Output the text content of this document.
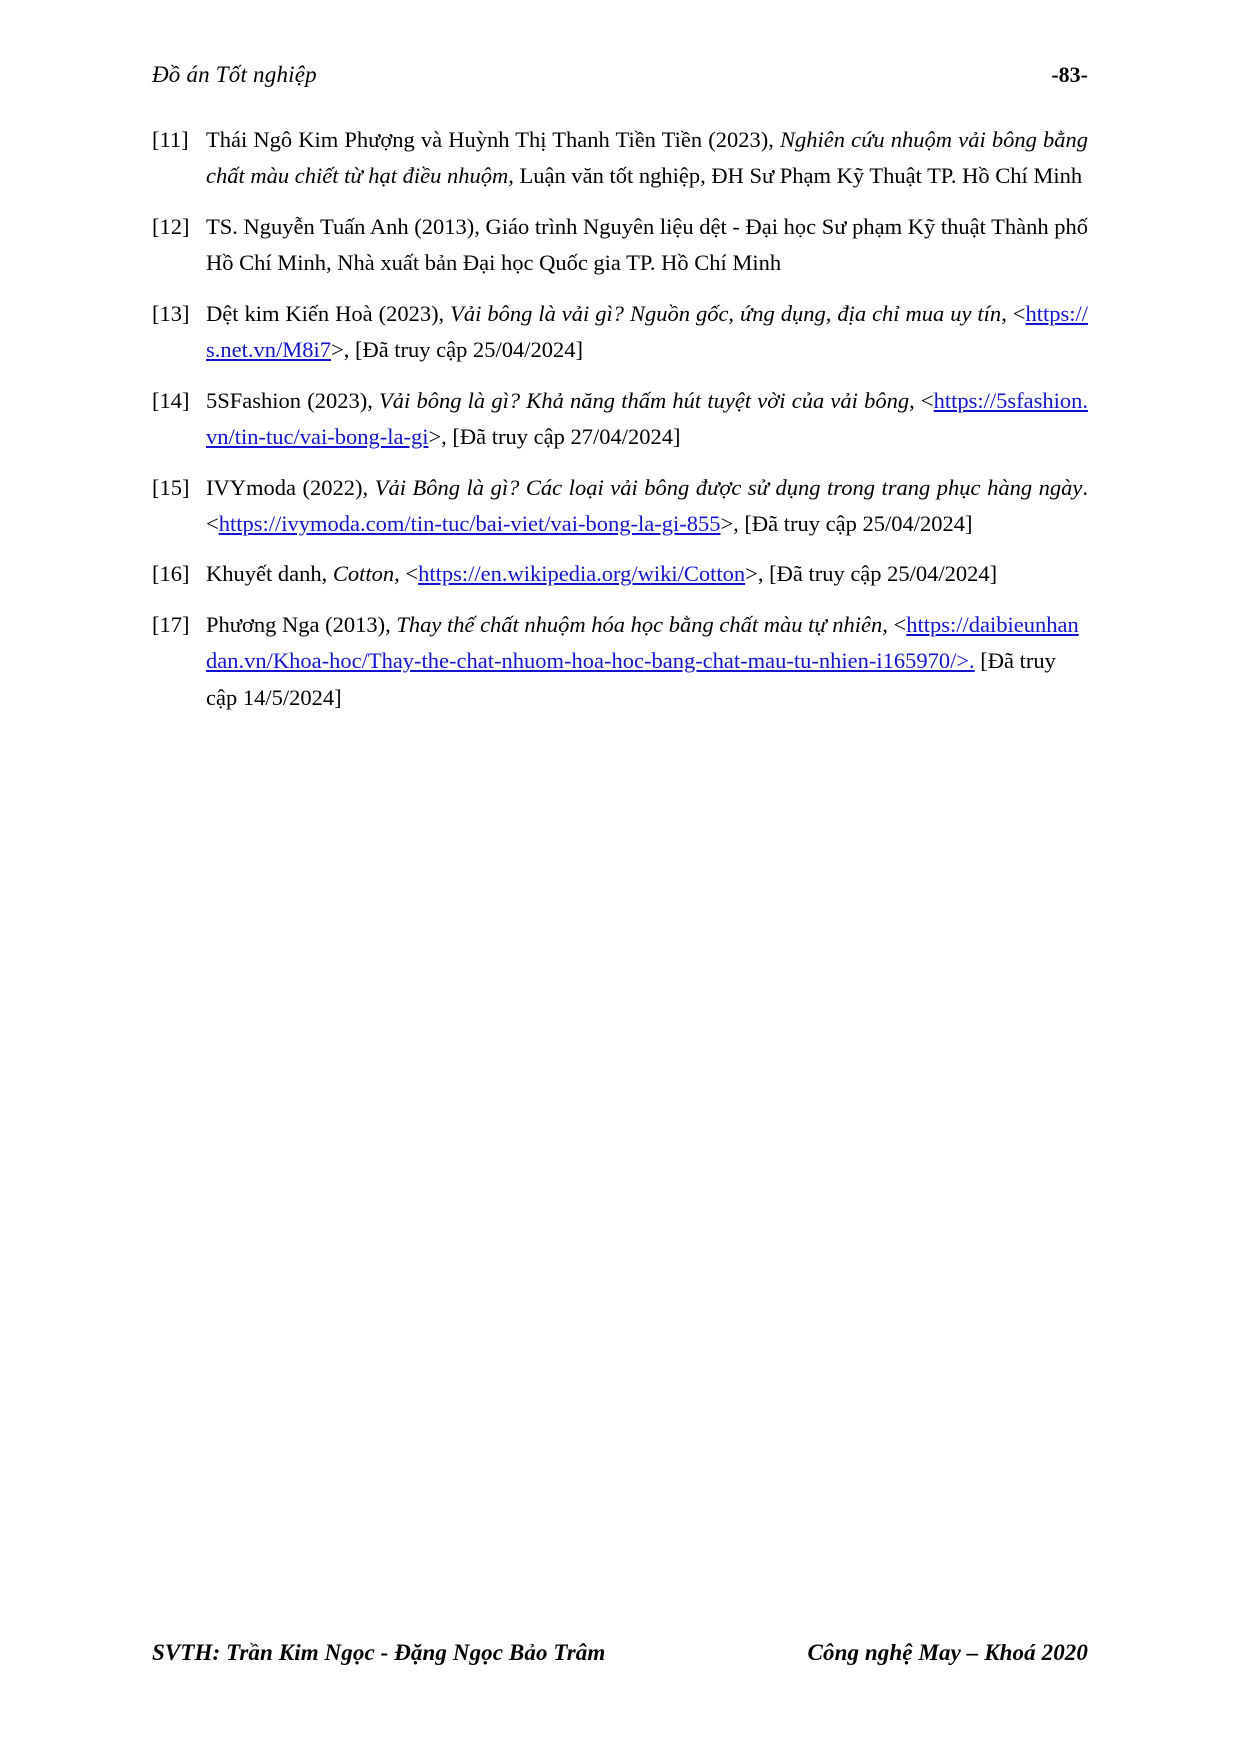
Đồ án Tốt nghiệp	-83-
[11] Thái Ngô Kim Phượng và Huỳnh Thị Thanh Tiền Tiền (2023), Nghiên cứu nhuộm vải bông bằng chất màu chiết từ hạt điều nhuộm, Luận văn tốt nghiệp, ĐH Sư Phạm Kỹ Thuật TP. Hồ Chí Minh
[12] TS. Nguyễn Tuấn Anh (2013), Giáo trình Nguyên liệu dệt - Đại học Sư phạm Kỹ thuật Thành phố Hồ Chí Minh, Nhà xuất bản Đại học Quốc gia TP. Hồ Chí Minh
[13] Dệt kim Kiến Hoà (2023), Vải bông là vải gì? Nguồn gốc, ứng dụng, địa chỉ mua uy tín, <https://s.net.vn/M8i7>, [Đã truy cập 25/04/2024]
[14] 5SFashion (2023), Vải bông là gì? Khả năng thấm hút tuyệt vời của vải bông, <https://5sfashion.vn/tin-tuc/vai-bong-la-gi>, [Đã truy cập 27/04/2024]
[15] IVYmoda (2022), Vải Bông là gì? Các loại vải bông được sử dụng trong trang phục hàng ngày. <https://ivymoda.com/tin-tuc/bai-viet/vai-bong-la-gi-855>, [Đã truy cập 25/04/2024]
[16] Khuyết danh, Cotton, <https://en.wikipedia.org/wiki/Cotton>, [Đã truy cập 25/04/2024]
[17] Phương Nga (2013), Thay thế chất nhuộm hóa học bằng chất màu tự nhiên, <https://daibieunhandan.vn/Khoa-hoc/Thay-the-chat-nhuom-hoa-hoc-bang-chat-mau-tu-nhien-i165970/>. [Đã truy cập 14/5/2024]
SVTH: Trần Kim Ngọc - Đặng Ngọc Bảo Trâm	Công nghệ May – Khoá 2020
